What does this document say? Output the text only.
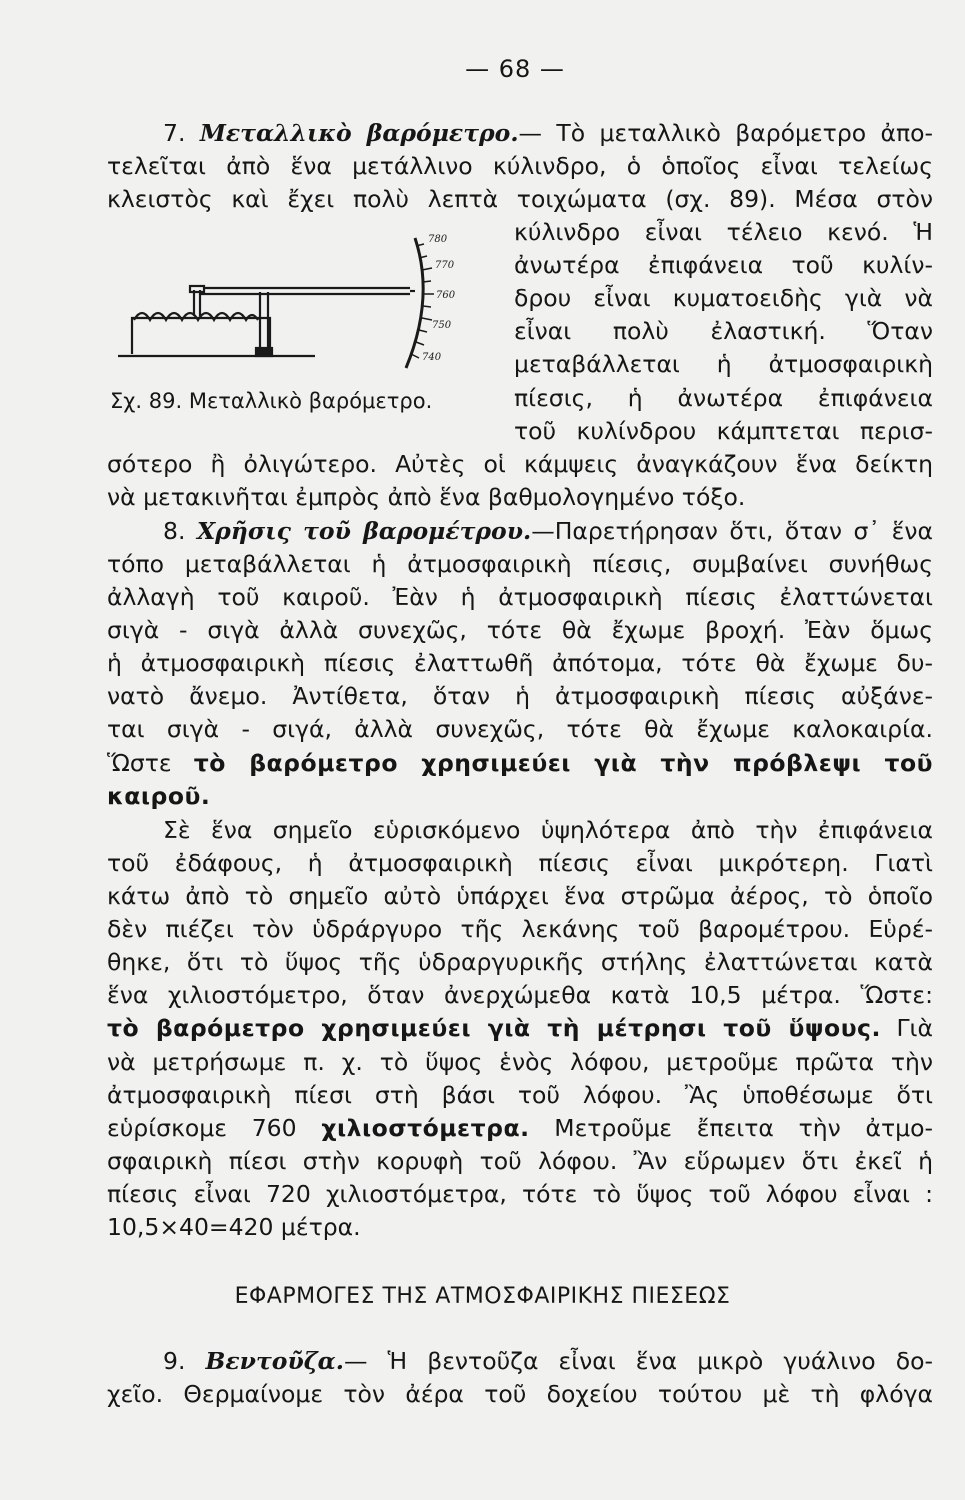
— 68 —
7. Μεταλλικὸ βαρόμετρο.— Τὸ μεταλλικὸ βαρόμετρο ἀπο-
τελεῖται ἀπὸ ἕνα μετάλλινο κύλινδρο, ὁ ὁποῖος εἶναι τελείως
κλειστὸς καὶ ἔχει πολὺ λεπτὰ τοιχώματα (σχ. 89). Μέσα στὸν
κύλινδρο εἶναι τέλειο κενό. Ἡ
ἀνωτέρα ἐπιφάνεια τοῦ κυλίν-
δρου εἶναι κυματοειδὴς γιὰ νὰ
εἶναι πολὺ ἐλαστική. Ὅταν
μεταβάλλεται ἡ ἀτμοσφαιρικὴ
πίεσις, ἡ ἀνωτέρα ἐπιφάνεια
τοῦ κυλίνδρου κάμπτεται περισ-
σότερο ἢ ὀλιγώτερο. Αὐτὲς οἱ κάμψεις ἀναγκάζουν ἕνα δείκτη
νὰ μετακινῆται ἐμπρὸς ἀπὸ ἕνα βαθμολογημένο τόξο.
780
770
760
750
740
Σχ. 89. Μεταλλικὸ βαρόμετρο.
8. Χρῆσις τοῦ βαρομέτρου.—Παρετήρησαν ὅτι, ὅταν σ᾽ ἕνα
τόπο μεταβάλλεται ἡ ἀτμοσφαιρικὴ πίεσις, συμβαίνει συνήθως
ἀλλαγὴ τοῦ καιροῦ. Ἐὰν ἡ ἀτμοσφαιρικὴ πίεσις ἐλαττώνεται
σιγὰ - σιγὰ ἀλλὰ συνεχῶς, τότε θὰ ἔχωμε βροχή. Ἐὰν ὅμως
ἡ ἀτμοσφαιρικὴ πίεσις ἐλαττωθῆ ἀπότομα, τότε θὰ ἔχωμε δυ-
νατὸ ἄνεμο. Ἀντίθετα, ὅταν ἡ ἀτμοσφαιρικὴ πίεσις αὐξάνε-
ται σιγὰ - σιγά, ἀλλὰ συνεχῶς, τότε θὰ ἔχωμε καλοκαιρία.
Ὥστε τὸ βαρόμετρο χρησιμεύει γιὰ τὴν πρόβλεψι τοῦ
καιροῦ.
Σὲ ἕνα σημεῖο εὑρισκόμενο ὑψηλότερα ἀπὸ τὴν ἐπιφάνεια
τοῦ ἐδάφους, ἡ ἀτμοσφαιρικὴ πίεσις εἶναι μικρότερη. Γιατὶ
κάτω ἀπὸ τὸ σημεῖο αὐτὸ ὑπάρχει ἕνα στρῶμα ἀέρος, τὸ ὁποῖο
δὲν πιέζει τὸν ὑδράργυρο τῆς λεκάνης τοῦ βαρομέτρου. Εὑρέ-
θηκε, ὅτι τὸ ὕψος τῆς ὑδραργυρικῆς στήλης ἐλαττώνεται κατὰ
ἕνα χιλιοστόμετρο, ὅταν ἀνερχώμεθα κατὰ 10,5 μέτρα. Ὥστε:
τὸ βαρόμετρο χρησιμεύει γιὰ τὴ μέτρησι τοῦ ὕψους. Γιὰ
νὰ μετρήσωμε π. χ. τὸ ὕψος ἑνὸς λόφου, μετροῦμε πρῶτα τὴν
ἀτμοσφαιρικὴ πίεσι στὴ βάσι τοῦ λόφου. Ἂς ὑποθέσωμε ὅτι
εὑρίσκομε 760 χιλιοστόμετρα. Μετροῦμε ἔπειτα τὴν ἀτμο-
σφαιρικὴ πίεσι στὴν κορυφὴ τοῦ λόφου. Ἂν εὕρωμεν ὅτι ἐκεῖ ἡ
πίεσις εἶναι 720 χιλιοστόμετρα, τότε τὸ ὕψος τοῦ λόφου εἶναι :
10,5×40=420 μέτρα.
ΕΦΑΡΜΟΓΕΣ ΤΗΣ ΑΤΜΟΣΦΑΙΡΙΚΗΣ ΠΙΕΣΕΩΣ
9. Βεντοῦζα.— Ἡ βεντοῦζα εἶναι ἕνα μικρὸ γυάλινο δο-
χεῖο. Θερμαίνομε τὸν ἀέρα τοῦ δοχείου τούτου μὲ τὴ φλόγα
